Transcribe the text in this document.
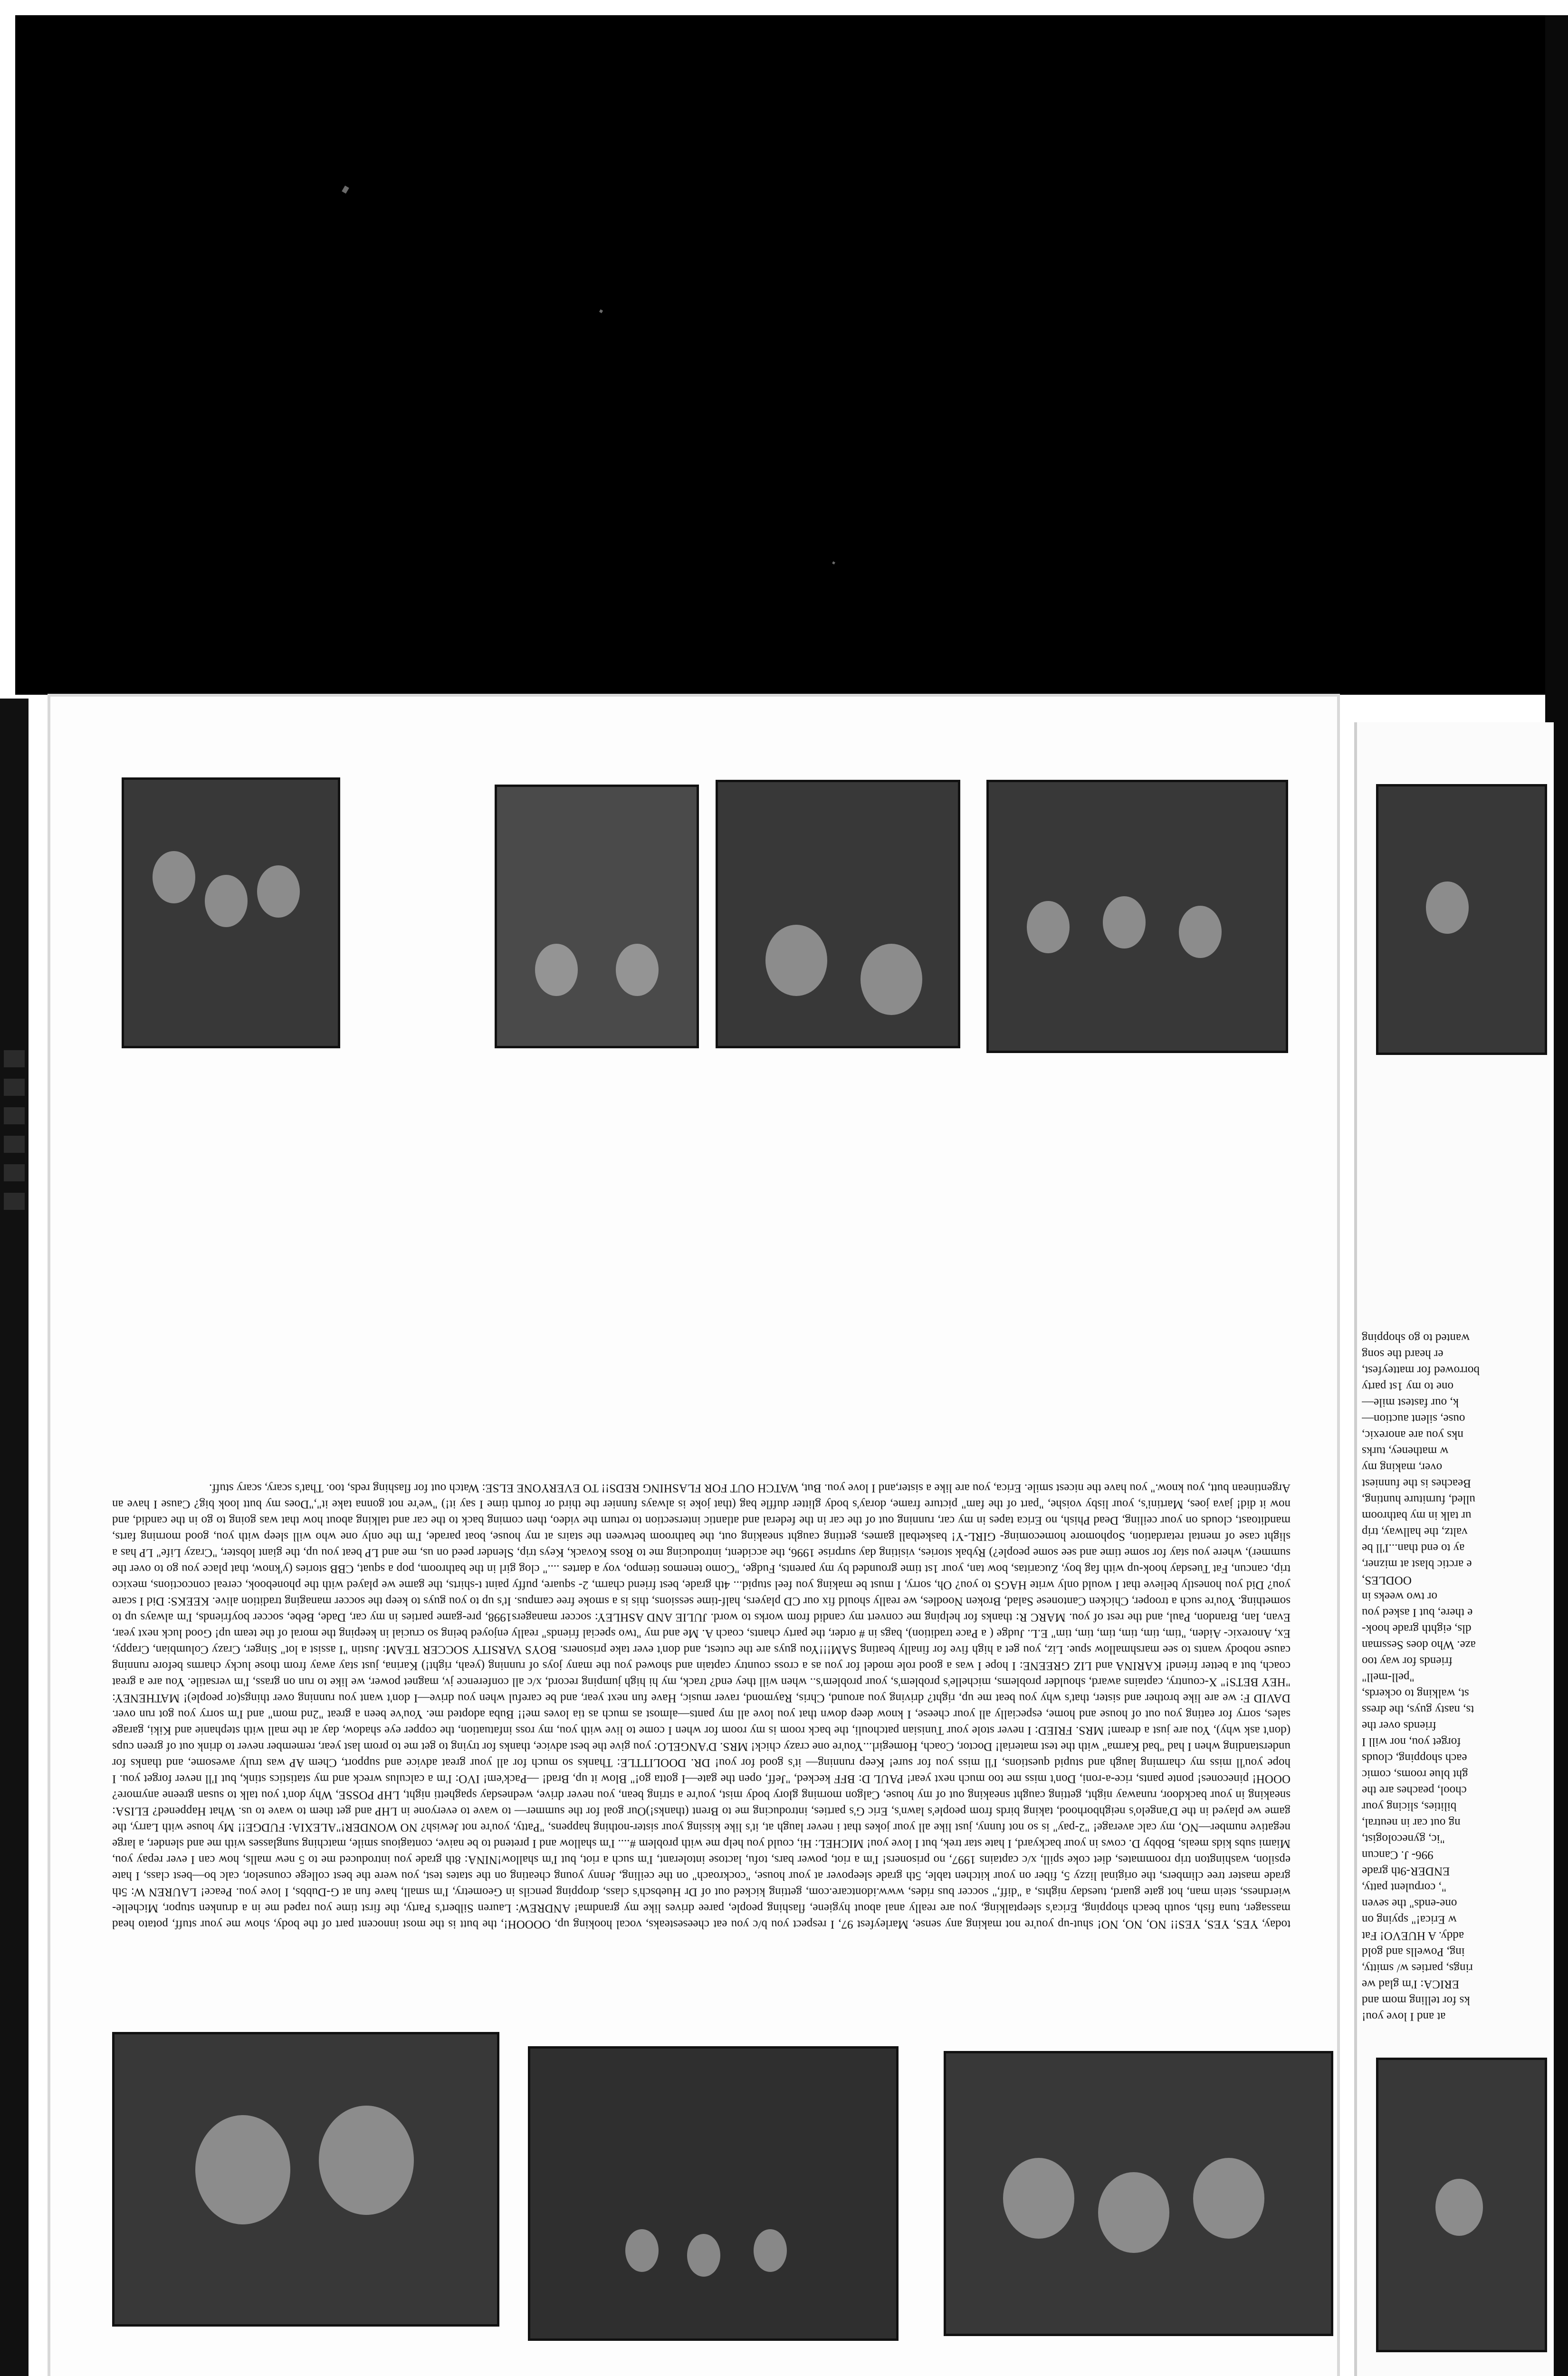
today, YES, YES, YES!! NO, NO, NO! shut-up you're not making any sense, Marleyfest 97, I respect you b/c you eat cheesesteaks, vocal hooking up, OOOOH!, the butt is the most innocent part of the body, show me your stuff, potato head massager, tuna fish, south beach shopping, Erica's sleeptalking, you are really anal about hygiene, flashing people, paree drives like my grandma! ANDREW: Lauren Silbert's Party, the first time you raped me in a drunken stupor, Michelle-wierdness, stein man, hot gate guard, tuesday nights, a "diff," soccer bus rides, www.idontcare.com, getting kicked out of Dr Huebsch's class, dropping pencils in Geometry, I'm small, have fun at G-Dubbs, I love you. Peace! LAUREN W: 5th grade master tree climbers, the original lizzy 5, fiber on your kitchen table, 5th grade sleepover at your house, "cockroach" on the ceiling, Jenny young cheating on the states test, you were the best college counselor, calc bo—best class, I hate epsilon, washington trip roommates, diet coke spill, x/c captains 1997, no prisoners! I'm a riot, power bars, tofu, lactose intolerant, I'm such a riot, but I'm shallow!NINA: 8th grade you introduced me to 5 new malls, how can I ever repay you, Miami subs kids meals, Bobby D. cows in your backyard, I hate star trek, but I love you! MICHEL: Hi, could you help me with problem #.... I'm shallow and I pretend to be naive, contagious smile, matching sunglasses with me and slender, a large negative number—NO, my calc average! "2-pay" is so not funny, just like all your jokes that i never laugh at, it's like kissing your sister-nothing happens, "Patty, you're not Jewish? NO WONDER!"ALEXIA: FUDGE!! My house with Larry, the game we played in the D'angelo's neighborhood, taking birds from people's lawn's, Eric G's parties, introducing me to Brent (thanks!)Our goal for the summer— to wave to everyone in LHP and get them to wave to us. What Happened? ELISA: sneaking in your backdoor, runaway night, getting caught sneaking out of my house, Calgon morning glory body mist, you're a string bean, you never drive, wednesday spaghetti night, LHP POSSE, Why don't you talk to susan greene anymore? OOOH! pinecones! ponte pants, rice-a-roni, Don't miss me too much next year! PAUL D: BFF kecked, "Jeff, open the gate—I gotta go!" Blow it up, Brad! —Pack'em! IVO: I'm a calculus wreck and my statistics stink, but I'll never forget you. I hope you'll miss my charming laugh and stupid questions, I'll miss you for sure! Keep running— it's good for you! DR. DOOLITTLE: Thanks so much for all your great advice and support, Chem AP was truly awesome, and thanks for understanding when I had "bad Karma" with the test material! Doctor, Coach, Homegirl...You're one crazy chick! MRS. D'ANGELO: you give the best advice, thanks for trying to get me to prom last year, remember never to drink out of green cups (don't ask why), You are just a dream! MRS. FRIED: I never stole your Tunisian patchouli, the back room is my room for when I come to live with you, my ross infatuation, the copper eye shadow, day at the mall with stephanie and Kiki, garage sales, sorry for eating you out of house and home, especially all your cheese, I know deep down that you love all my pants—almost as much as tia loves me!! Buba adopted me. You've been a great "2nd mom" and I'm sorry you got run over. DAVID F: we are like brother and sister, that's why you beat me up, right? driving you around, Chris, Raymond, raver music, Have fun next year, and be careful when you drive—I don't want you running over things(or people)! MATHENEY: "HEY BETS!" X-country, captains award, shoulder problems, michelle's problem's, your problem's.. when will they end? track, my hi high jumping record, x/c all conference jv, magnet power, we like to run on grass, I'm versatile. You are a great coach, but a better friend! KARINA and LIZ GREENE: I hope I was a good role model for you as a cross country captain and showed you the many joys of running (yeah, right!) Karina, just stay away from those lucky charms before running cause nobody wants to see marshmallow spue. Liz, you get a high five for finally beating SAM!!!You guys are the cutest, and don't ever take prisoners. BOYS VARSITY SOCCER TEAM: Justin "I assist a lot" Singer, Crazy Columbian, Crappy, Ex, Anorexic- Aiden, "tim, tim, tim, tim, tim, tim" E.L. Judge ( a Pace tradition), bags in # order, the party chants, coach A. Me and my "two special friends" really enjoyed being so crucial in keeping the moral of the team up! Good luck next year, Evan, Ian, Brandon, Paul, and the rest of you. MARC R: thanks for helping me convert my candid from works to word. JULIE AND ASHLEY: soccer managers1998, pre-game parties in my car, Dade, Bebe, soccer boyfriends, I'm always up to something. You're such a trooper, Chicken Cantonese Salad, Broken Noodles, we really should fix our CD players, half-time sessions, this is a smoke free campus. It's up to you guys to keep the soccer managing tradition alive. KEEKS: Did I scare you? Did you honestly believe that I would only write HAGS to you? Oh, sorry, I must be making you feel stupid... 4th grade, best friend charm, 2- square, puffy paint t-shirts, the game we played with the phonebook, cereal concoctions, mexico trip, cancun, Fat Tuesday hook-up with fag boy, Zucaritas, bow tan, your 1st time grounded by my parents, Fudge, "Como tenemos tiempo, voy a dartes ...." clog girl in the bathroom, pop a squat, CBB stories (y'know, that place you go to over the summer), where you stay for some time and see some people?) Rybak stories, visiting day surprise 1996, the accident, introducing me to Ross Kovack, Keys trip, Slender peed on us, me and LP beat you up, the giant lobster, "Crazy Life" LP has a slight case of mental retardation, Sophomore homecoming- GIRL-Y! basketball games, getting caught sneaking out, the bathroom between the stairs at my house, boat parade, I'm the only one who will sleep with you, good morning farts, manditoast, clouds on your ceiling, Dead Phish, no Erica tapes in my car, running out of the car in the federal and atlantic intersection to return the video, then coming back to the car and talking about how that was going to go in the candid, and now it did! java joes, Martini's, your lisby voishe, "part of the fam" picture frame, doray's body glitter duffle bag (that joke is always funnier the third or fourth time I say it!) "we're not gonna take it","Does my butt look big? Cause I have an Argentinean butt, you know." you have the nicest smile. Erica, you are like a sister,and I love you. But, WATCH OUT FOR FLASHING REDS!! TO EVERYONE ELSE: Watch out for flashing reds, too. That's scary, scary stuff.

at and I love you!
ks for telling mom and
ERICA: I'm glad we
rings, parties w/ smitty,
ing, Powells and gold
addy. A HUEVO! Fat
w Erica!" spying on
one-ends" the seven
", corpulent patty,
ENDER-9th grade
996- J. Cancun
"ic, gynecologist,
ng out car in neutral,
bilities, slicing your
chool, peaches are the
ght blue rooms, comic
each shopping, clouds
forget you, nor will I
friends over the
ts, nasty guys, the dress
st, walking to ockerds,
"pell-mell"
friends for way too
aze. Who does Sessman
dls, eighth grade hook-
e there, but I asked you
or two weeks in
OODLES,
e arctic blast at mizner,
ay to end than...I'll be
valtz, the hallway, trip
ur talk in my bathroom
ulled, furniture hunting,
Beaches is the funniest
over, making my
w matheney, turks
nks you are anorexic,
ouse, silent auction—
k, our fastest mile—
one to my 1st party
borrowed for matteyfest,
er heard the song
wanted to go shopping
